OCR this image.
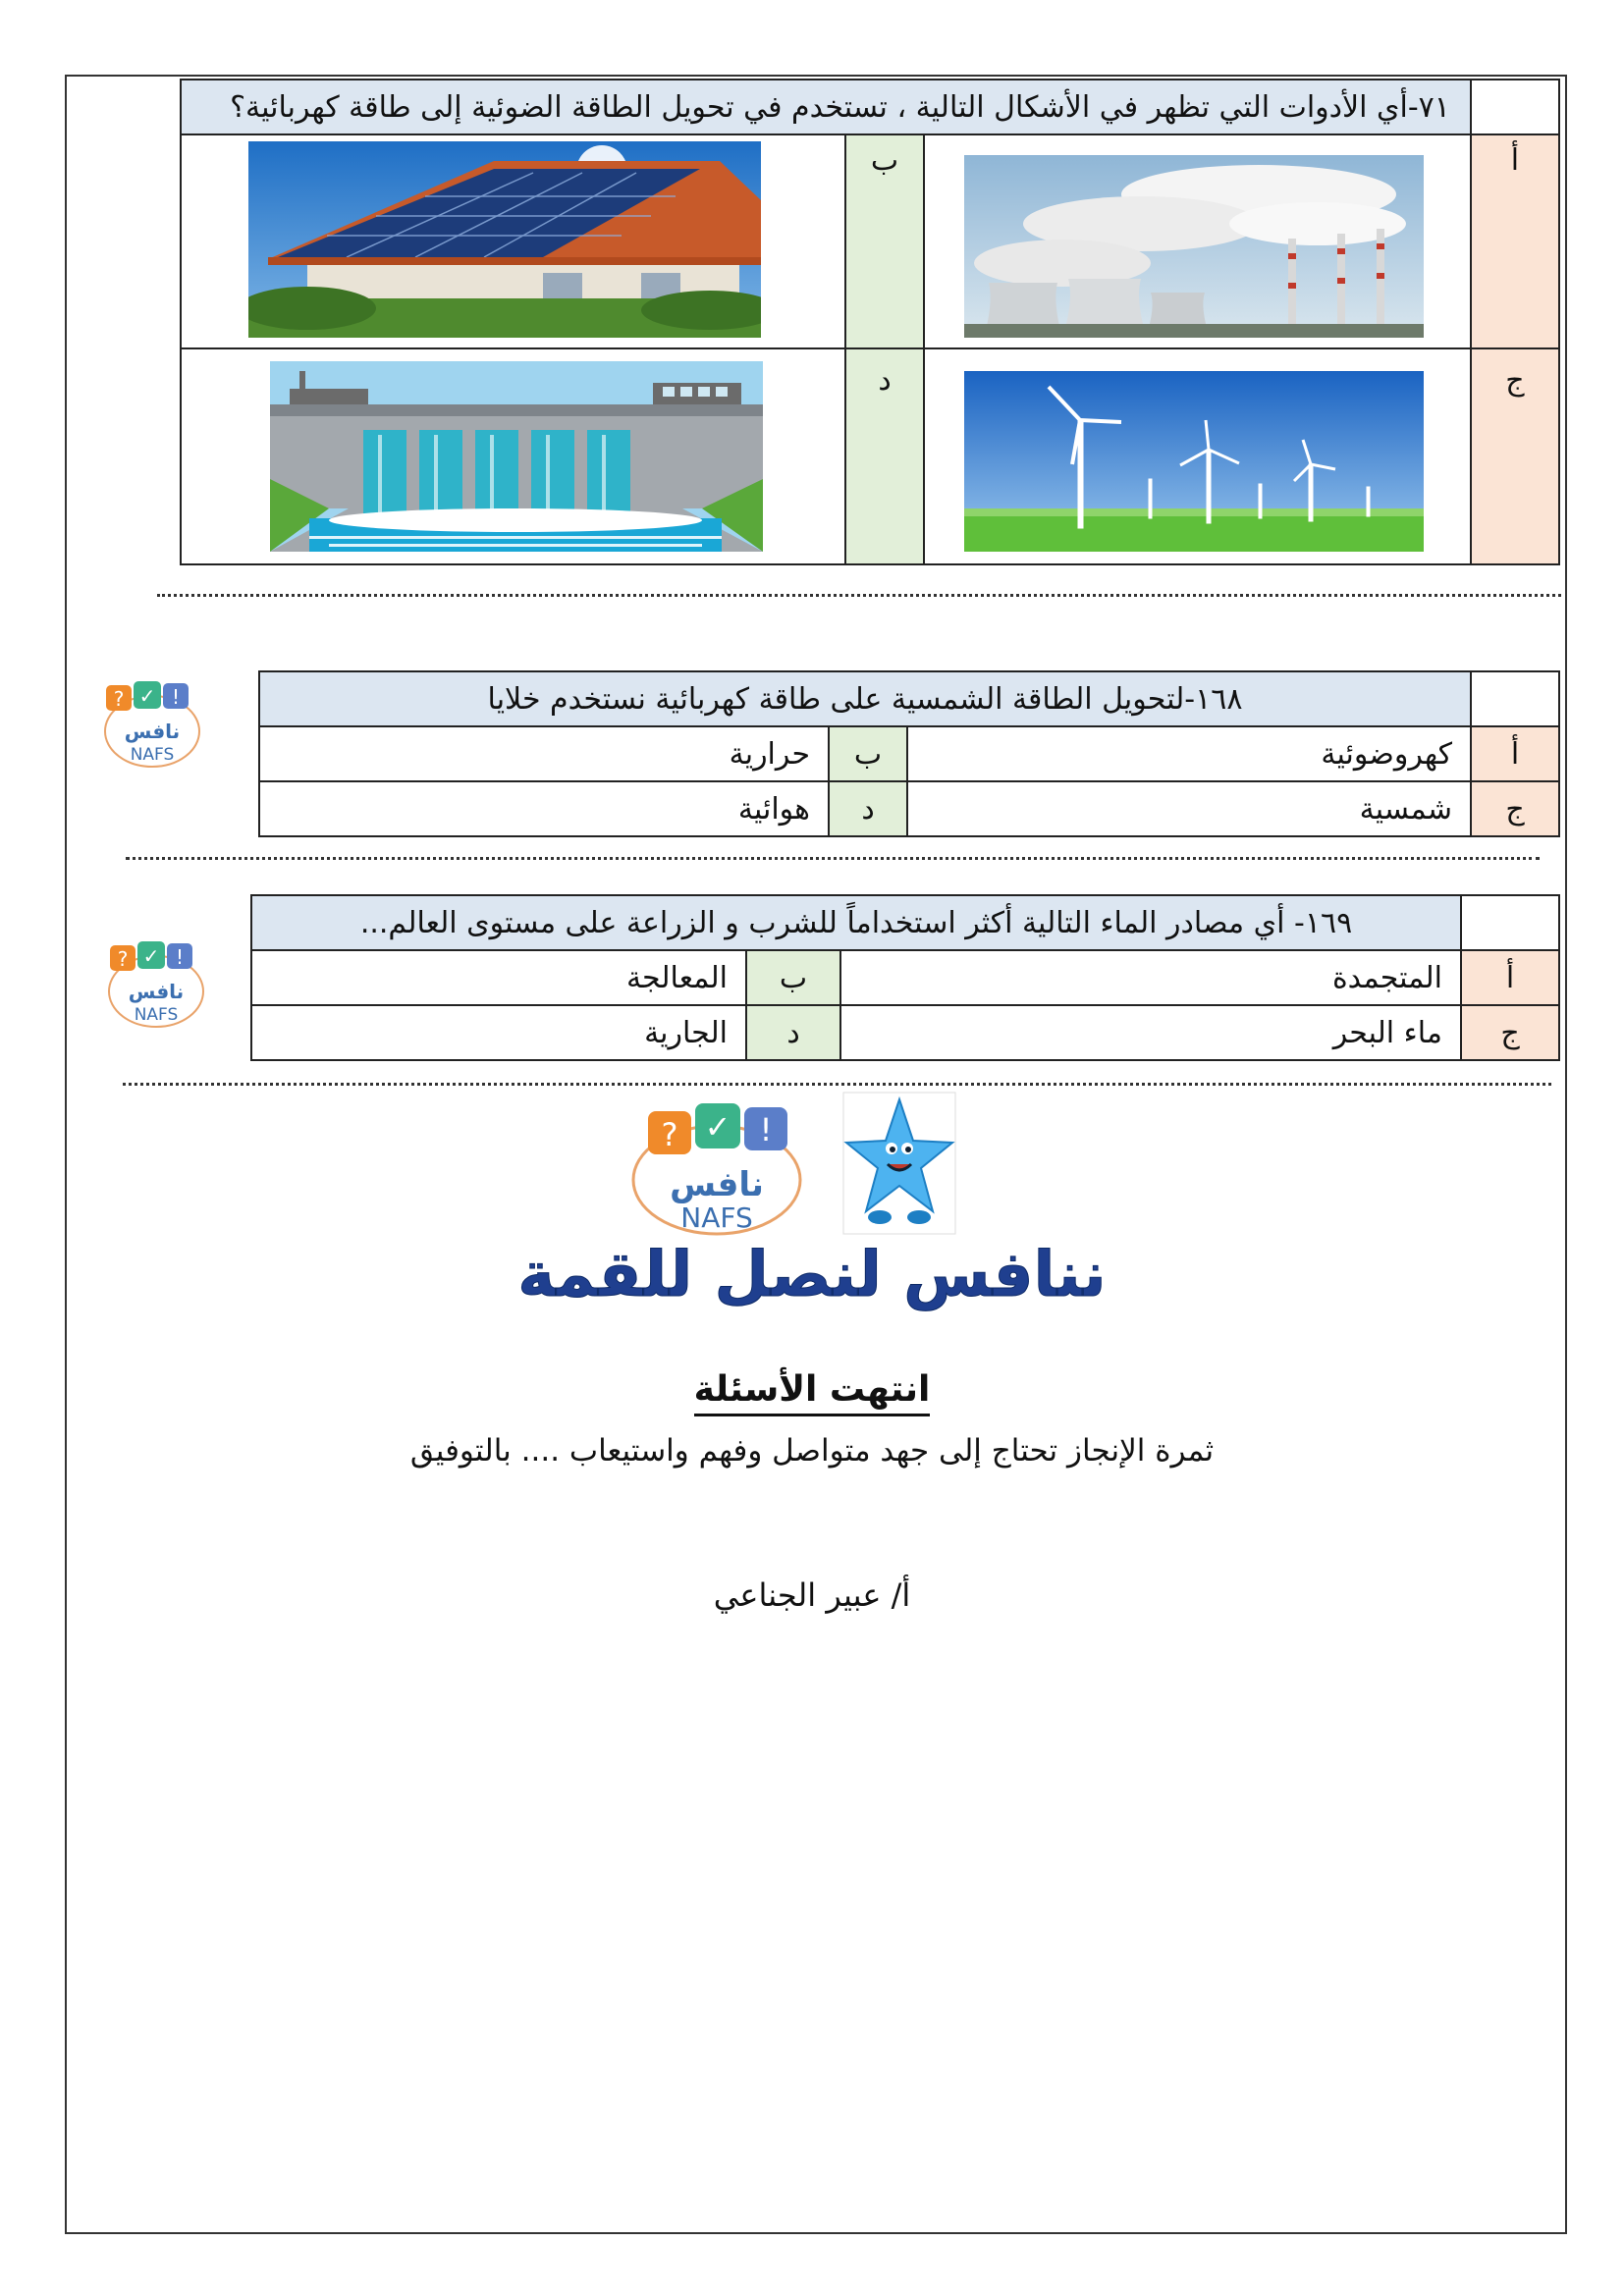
	٧١-أي الأدوات التي تظهر في الأشكال التالية ، تستخدم في تحويل الطاقة الضوئية إلى طاقة كهربائية؟		
أ		ب	

ج		د	
? ✓ !
نافس
NAFS
	١٦٨-لتحويل الطاقة الشمسية على طاقة كهربائية نستخدم خلايا		
أ	كهروضوئية	ب	حرارية
ج	شمسية	د	هوائية
? ✓ !
نافس
NAFS
	١٦٩- أي مصادر الماء التالية أكثر استخداماً للشرب و الزراعة على مستوى العالم...		
أ	المتجمدة	ب	المعالجة
ج	ماء البحر	د	الجارية
? ✓ !
نافس
NAFS
ننافس لنصل للقمة
انتهت الأسئلة
ثمرة الإنجاز تحتاج إلى جهد متواصل وفهم واستيعاب .... بالتوفيق
أ/ عبير الجناعي
